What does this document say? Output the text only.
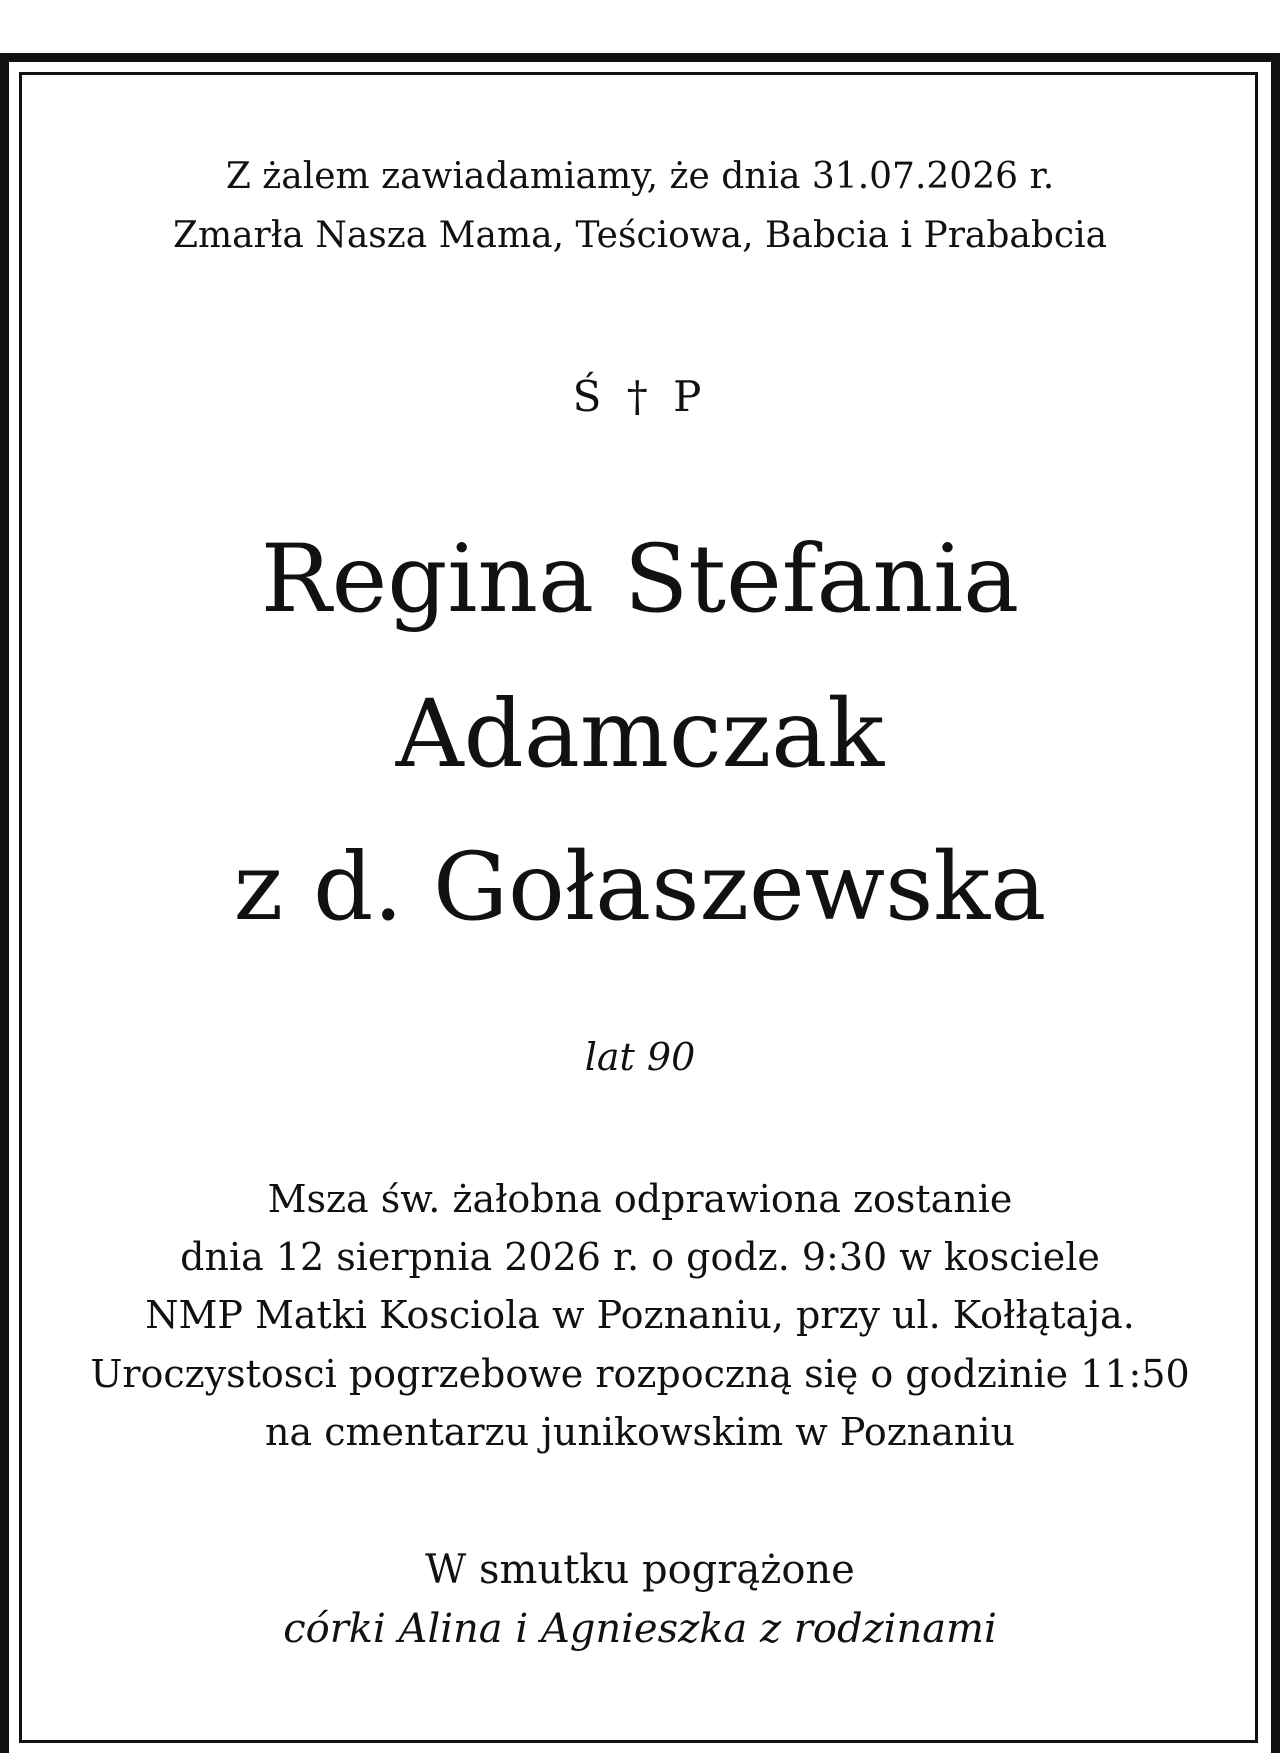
Z żalem zawiadamiamy, że dnia 31.07.2026 r.

Zmarła Nasza Mama, Teściowa, Babcia i Prababcia

Ś † P

Regina Stefania

Adamczak

z d. Gołaszewska

lat 90

Msza św. żałobna odprawiona zostanie

dnia 12 sierpnia 2026 r. o godz. 9:30 w kosciele

NMP Matki Kosciola w Poznaniu, przy ul. Kołłątaja.

Uroczystosci pogrzebowe rozpoczną się o godzinie 11:50

na cmentarzu junikowskim w Poznaniu

W smutku pogrążone

córki Alina i Agnieszka z rodzinami
